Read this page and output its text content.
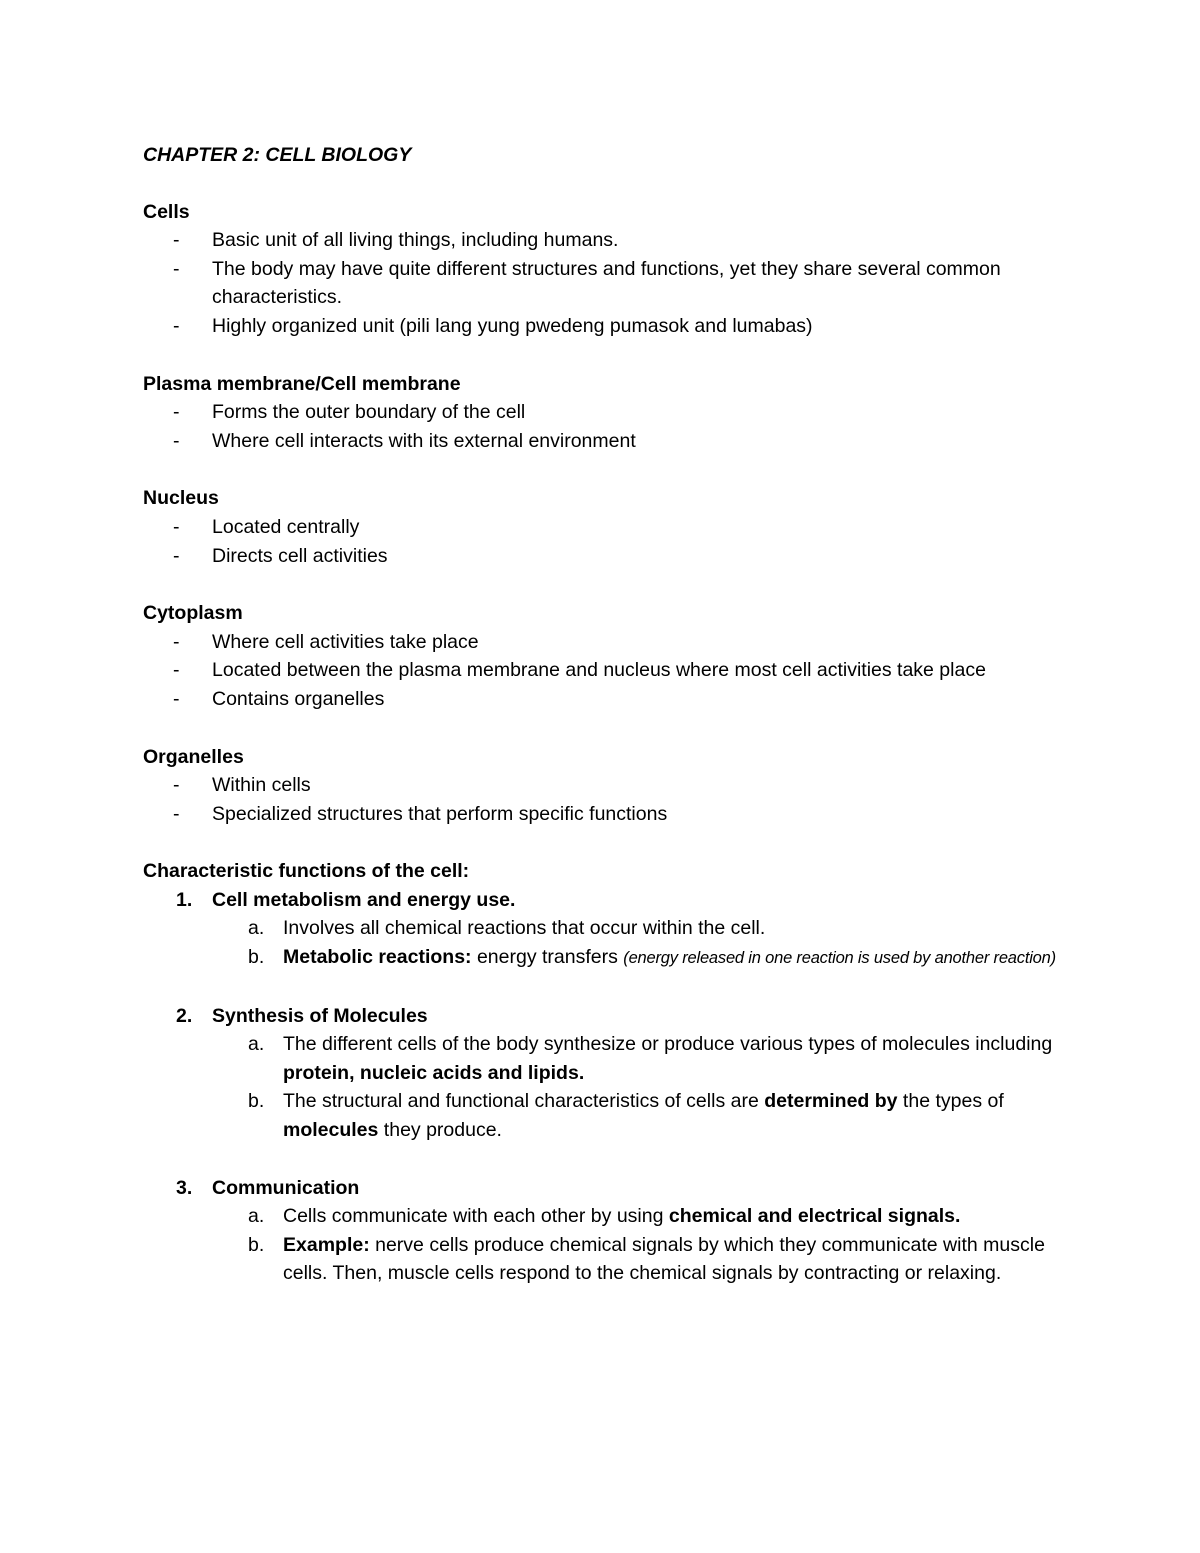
CHAPTER 2: CELL BIOLOGY

Cells

- Basic unit of all living things, including humans.
- The body may have quite different structures and functions, yet they share several common characteristics.
- Highly organized unit (pili lang yung pwedeng pumasok and lumabas)

Plasma membrane/Cell membrane

- Forms the outer boundary of the cell
- Where cell interacts with its external environment

Nucleus

- Located centrally
- Directs cell activities

Cytoplasm

- Where cell activities take place
- Located between the plasma membrane and nucleus where most cell activities take place
- Contains organelles

Organelles

- Within cells
- Specialized structures that perform specific functions

Characteristic functions of the cell:

1. Cell metabolism and energy use.
a. Involves all chemical reactions that occur within the cell.
b. Metabolic reactions: energy transfers (energy released in one reaction is used by another reaction)
2. Synthesis of Molecules
a. The different cells of the body synthesize or produce various types of molecules including protein, nucleic acids and lipids.
b. The structural and functional characteristics of cells are determined by the types of molecules they produce.
3. Communication
a. Cells communicate with each other by using chemical and electrical signals.
b. Example: nerve cells produce chemical signals by which they communicate with muscle cells. Then, muscle cells respond to the chemical signals by contracting or relaxing.
